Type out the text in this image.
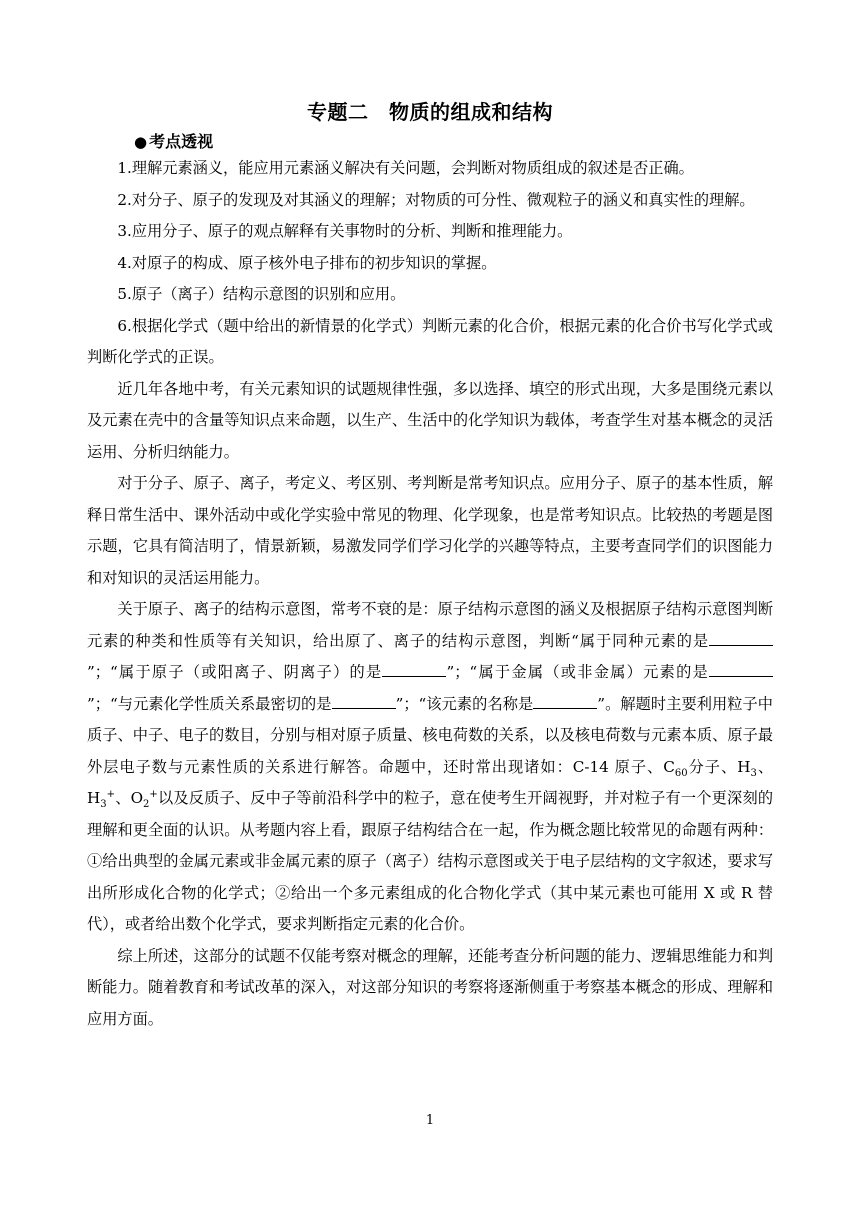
专题二　物质的组成和结构
● 考点透视

1.理解元素涵义，能应用元素涵义解决有关问题，会判断对物质组成的叙述是否正确。

2.对分子、原子的发现及对其涵义的理解；对物质的可分性、微观粒子的涵义和真实性的理解。

3.应用分子、原子的观点解释有关事物时的分析、判断和推理能力。

4.对原子的构成、原子核外电子排布的初步知识的掌握。

5.原子（离子）结构示意图的识别和应用。

6.根据化学式（题中给出的新情景的化学式）判断元素的化合价，根据元素的化合价书写化学式或判断化学式的正误。

近几年各地中考，有关元素知识的试题规律性强，多以选择、填空的形式出现，大多是围绕元素以及元素在壳中的含量等知识点来命题，以生产、生活中的化学知识为载体，考查学生对基本概念的灵活运用、分析归纳能力。

对于分子、原子、离子，考定义、考区别、考判断是常考知识点。应用分子、原子的基本性质，解释日常生活中、课外活动中或化学实验中常见的物理、化学现象，也是常考知识点。比较热的考题是图示题，它具有简洁明了，情景新颖，易激发同学们学习化学的兴趣等特点，主要考查同学们的识图能力和对知识的灵活运用能力。

关于原子、离子的结构示意图，常考不衰的是：原子结构示意图的涵义及根据原子结构示意图判断元素的种类和性质等有关知识，给出原了、离子的结构示意图，判断“属于同种元素的是”；“属于原子（或阳离子、阴离子）的是	”；“属于金属（或非金属）元素的是”；“与元素化学性质关系最密切的是	”；“该元素的名称是	”。解题时主要利用粒子中质子、中子、电子的数目，分别与相对原子质量、核电荷数的关系，以及核电荷数与元素本质、原子最外层电子数与元素性质的关系进行解答。命题中，还时常出现诸如：C-14 原子、$C_{60}$分子、$H_3$、$H_3^+$、$O_2^+$以及反质子、反中子等前沿科学中的粒子，意在使考生开阔视野，并对粒子有一个更深刻的理解和更全面的认识。从考题内容上看，跟原子结构结合在一起，作为概念题比较常见的命题有两种：①给出典型的金属元素或非金属元素的原子（离子）结构示意图或关于电子层结构的文字叙述，要求写出所形成化合物的化学式；②给出一个多元素组成的化合物化学式（其中某元素也可能用 X 或 R 替代），或者给出数个化学式，要求判断指定元素的化合价。

综上所述，这部分的试题不仅能考察对概念的理解，还能考查分析问题的能力、逻辑思维能力和判断能力。随着教育和考试改革的深入，对这部分知识的考察将逐渐侧重于考察基本概念的形成、理解和应用方面。

1
